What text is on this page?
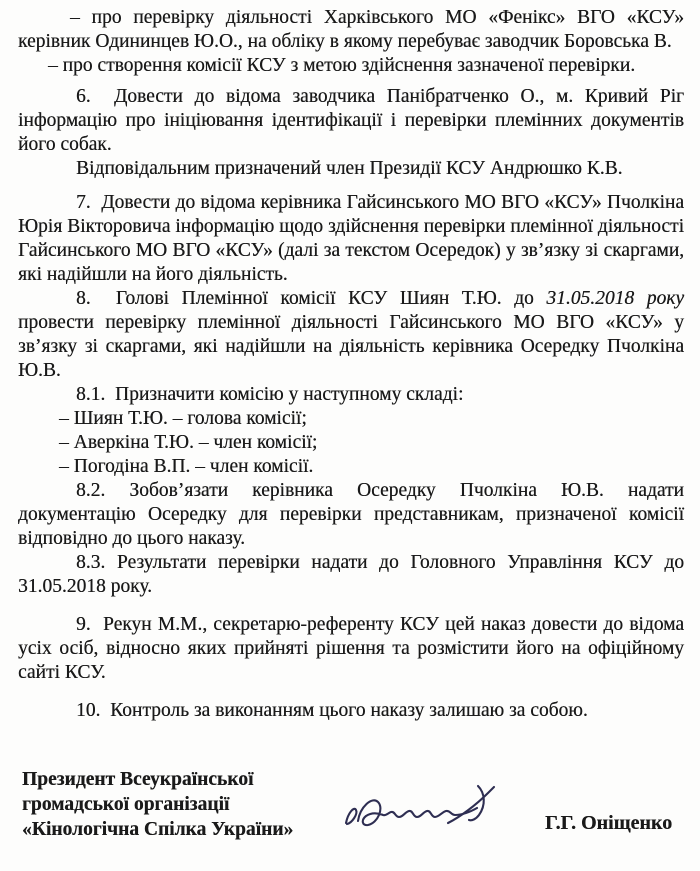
– про перевірку діяльності Харківського МО «Фенікс» ВГО «КСУ» керівник Одининцев Ю.О., на обліку в якому перебуває заводчик Боровська В.

– про створення комісії КСУ з метою здійснення зазначеної перевірки.

6.  Довести до відома заводчика Панібратченко О., м. Кривий Ріг інформацію про ініціювання ідентифікації і перевірки племінних документів його собак.

Відповідальним призначений член Президії КСУ Андрюшко К.В.

7.  Довести до відома керівника Гайсинського МО ВГО «КСУ» Пчолкіна Юрія Вікторовича інформацію щодо здійснення перевірки племінної діяльності Гайсинського МО ВГО «КСУ» (далі за текстом Осередок) у зв’язку зі скаргами, які надійшли на його діяльність.

8.  Голові Племінної комісії КСУ Шиян Т.Ю. до 31.05.2018 року провести перевірку племінної діяльності Гайсинського МО ВГО «КСУ» у зв’язку зі скаргами, які надійшли на діяльність керівника Осередку Пчолкіна Ю.В.

8.1.  Призначити комісію у наступному складі:

– Шиян Т.Ю. – голова комісії;

– Аверкіна Т.Ю. – член комісії;

– Погодіна В.П. – член комісії.

8.2. Зобов’язати керівника Осередку Пчолкіна Ю.В. надати документацію Осередку для перевірки представникам, призначеної комісії відповідно до цього наказу.

8.3. Результати перевірки надати до Головного Управління КСУ до 31.05.2018 року.

9.  Рекун М.М., секретарю-референту КСУ цей наказ довести до відома усіх осіб, відносно яких прийняті рішення та розмістити його на офіційному сайті КСУ.

10.  Контроль за виконанням цього наказу залишаю за собою.

Президент Всеукраїнської
громадської організації
«Кінологічна Спілка України»	Г.Г. Оніщенко
